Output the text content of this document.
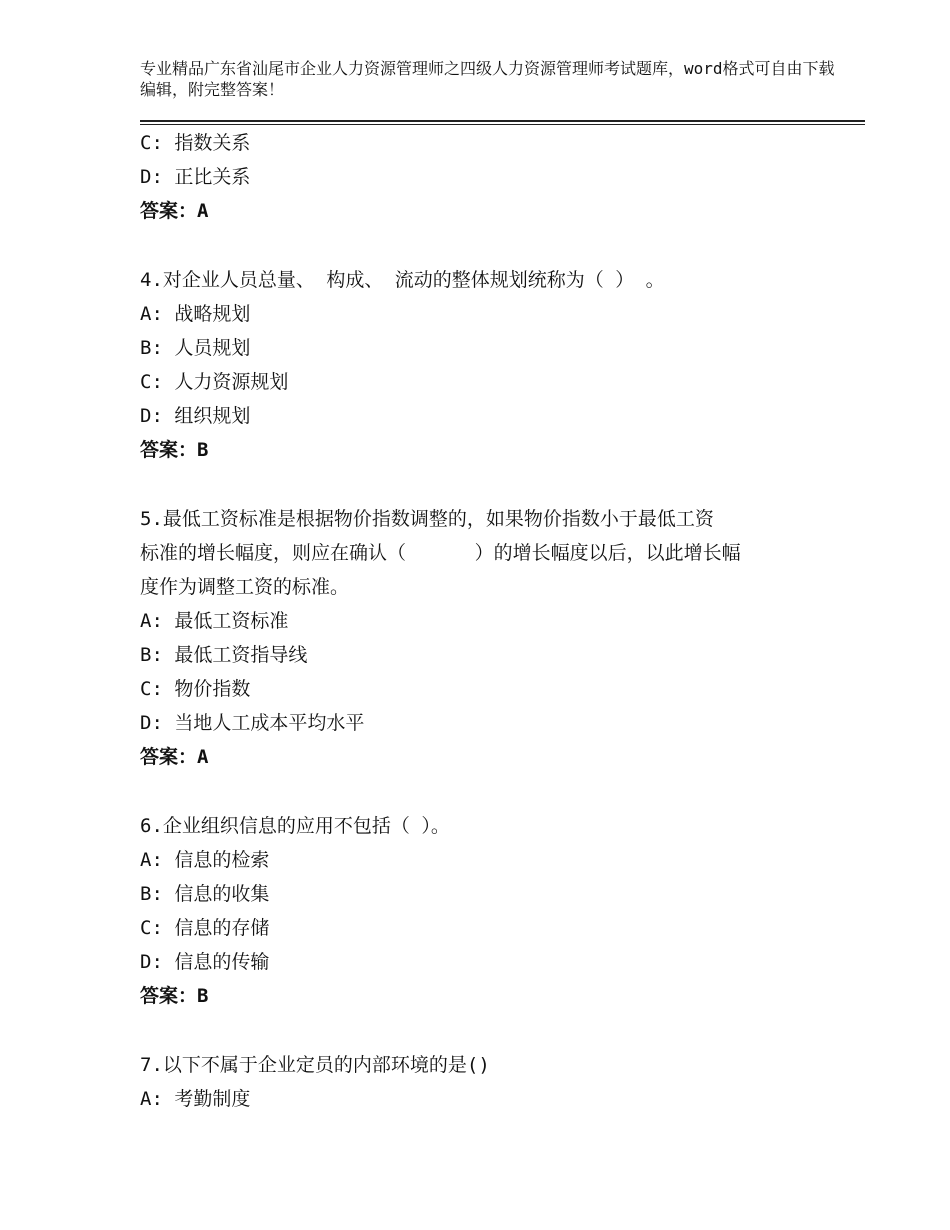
专业精品广东省汕尾市企业人力资源管理师之四级人力资源管理师考试题库，word格式可自由下载编辑，附完整答案！
C: 指数关系
D: 正比关系
答案：A
4.对企业人员总量、 构成、 流动的整体规划统称为（ ） 。
A: 战略规划
B: 人员规划
C: 人力资源规划
D: 组织规划
答案：B
5.最低工资标准是根据物价指数调整的，如果物价指数小于最低工资
标准的增长幅度，则应在确认（      ）的增长幅度以后，以此增长幅
度作为调整工资的标准。
A: 最低工资标准
B: 最低工资指导线
C: 物价指数
D: 当地人工成本平均水平
答案：A
6.企业组织信息的应用不包括（ ）。
A: 信息的检索
B: 信息的收集
C: 信息的存储
D: 信息的传输
答案：B
7.以下不属于企业定员的内部环境的是()
A: 考勤制度
